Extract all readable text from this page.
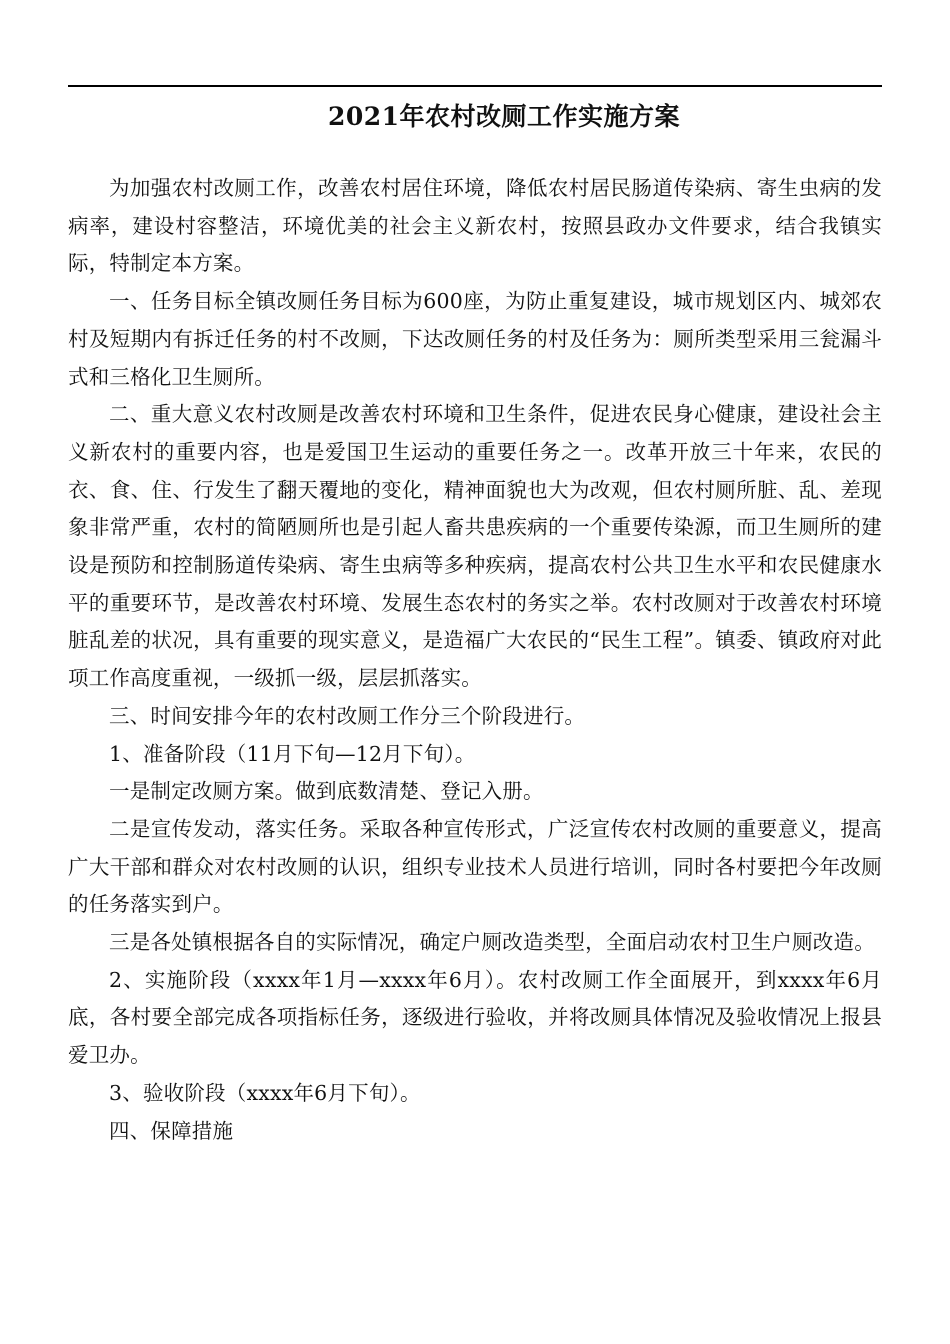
2021年农村改厕工作实施方案

为加强农村改厕工作，改善农村居住环境，降低农村居民肠道传染病、寄生虫病的发病率，建设村容整洁，环境优美的社会主义新农村，按照县政办文件要求，结合我镇实际，特制定本方案。

一、任务目标全镇改厕任务目标为600座，为防止重复建设，城市规划区内、城郊农村及短期内有拆迁任务的村不改厕，下达改厕任务的村及任务为：厕所类型采用三瓮漏斗式和三格化卫生厕所。

二、重大意义农村改厕是改善农村环境和卫生条件，促进农民身心健康，建设社会主义新农村的重要内容，也是爱国卫生运动的重要任务之一。改革开放三十年来，农民的衣、食、住、行发生了翻天覆地的变化，精神面貌也大为改观，但农村厕所脏、乱、差现象非常严重，农村的简陋厕所也是引起人畜共患疾病的一个重要传染源，而卫生厕所的建设是预防和控制肠道传染病、寄生虫病等多种疾病，提高农村公共卫生水平和农民健康水平的重要环节，是改善农村环境、发展生态农村的务实之举。农村改厕对于改善农村环境脏乱差的状况，具有重要的现实意义，是造福广大农民的“民生工程”。镇委、镇政府对此项工作高度重视，一级抓一级，层层抓落实。

三、时间安排今年的农村改厕工作分三个阶段进行。

1、准备阶段（11月下旬—12月下旬）。

一是制定改厕方案。做到底数清楚、登记入册。

二是宣传发动，落实任务。采取各种宣传形式，广泛宣传农村改厕的重要意义，提高广大干部和群众对农村改厕的认识，组织专业技术人员进行培训，同时各村要把今年改厕的任务落实到户。

三是各处镇根据各自的实际情况，确定户厕改造类型，全面启动农村卫生户厕改造。

2、实施阶段（xxxx年1月—xxxx年6月）。农村改厕工作全面展开，到xxxx年6月底，各村要全部完成各项指标任务，逐级进行验收，并将改厕具体情况及验收情况上报县爱卫办。

3、验收阶段（xxxx年6月下旬）。

四、保障措施
